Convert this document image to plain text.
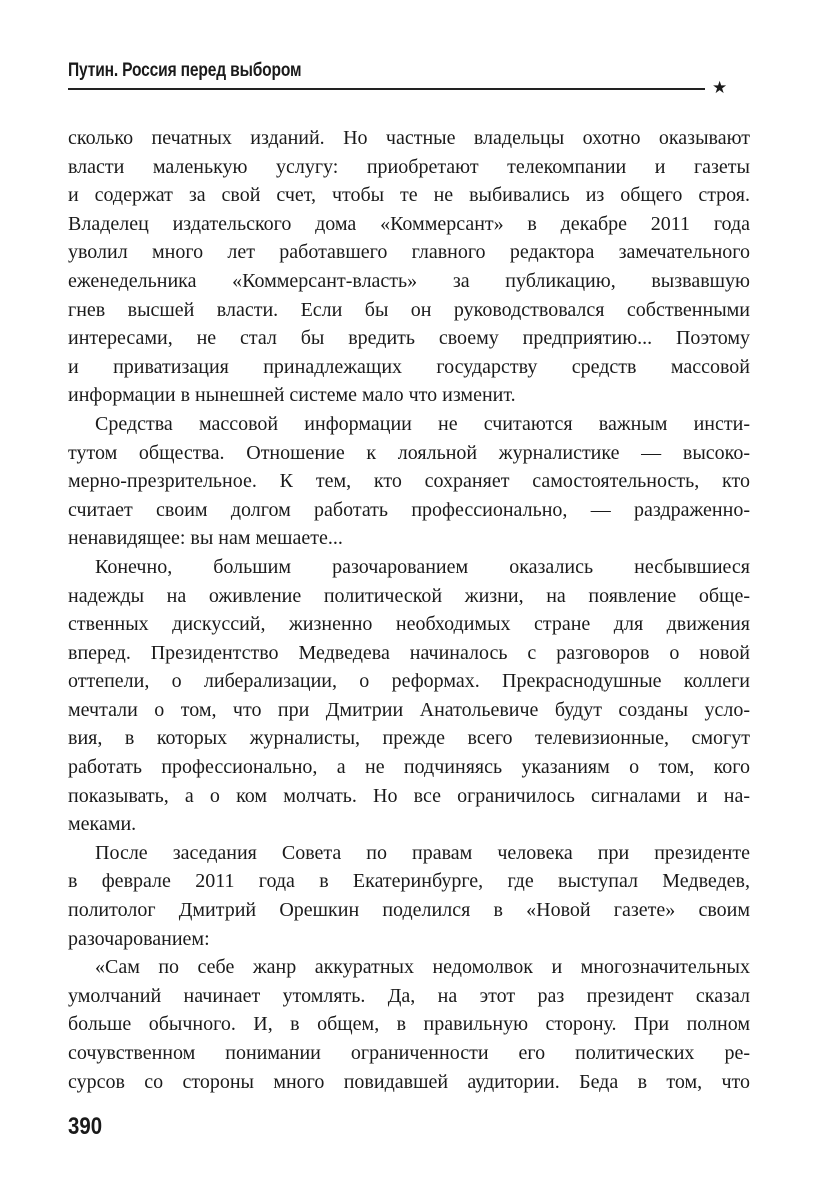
Путин. Россия перед выбором
★
сколько печатных изданий. Но частные владельцы охотно оказывают
власти маленькую услугу: приобретают телекомпании и газеты
и содержат за свой счет, чтобы те не выбивались из общего строя.
Владелец издательского дома «Коммерсант» в декабре 2011 года
уволил много лет работавшего главного редактора замечательного
еженедельника «Коммерсант-власть» за публикацию, вызвавшую
гнев высшей власти. Если бы он руководствовался собственными
интересами, не стал бы вредить своему предприятию... Поэтому
и приватизация принадлежащих государству средств массовой
информации в нынешней системе мало что изменит.
Средства массовой информации не считаются важным инсти-
тутом общества. Отношение к лояльной журналистике — высоко-
мерно-презрительное. К тем, кто сохраняет самостоятельность, кто
считает своим долгом работать профессионально, — раздраженно-
ненавидящее: вы нам мешаете...
Конечно, большим разочарованием оказались несбывшиеся
надежды на оживление политической жизни, на появление обще-
ственных дискуссий, жизненно необходимых стране для движения
вперед. Президентство Медведева начиналось с разговоров о новой
оттепели, о либерализации, о реформах. Прекраснодушные коллеги
мечтали о том, что при Дмитрии Анатольевиче будут созданы усло-
вия, в которых журналисты, прежде всего телевизионные, смогут
работать профессионально, а не подчиняясь указаниям о том, кого
показывать, а о ком молчать. Но все ограничилось сигналами и на-
меками.
После заседания Совета по правам человека при президенте
в феврале 2011 года в Екатеринбурге, где выступал Медведев,
политолог Дмитрий Орешкин поделился в «Новой газете» своим
разочарованием:
«Сам по себе жанр аккуратных недомолвок и многозначительных
умолчаний начинает утомлять. Да, на этот раз президент сказал
больше обычного. И, в общем, в правильную сторону. При полном
сочувственном понимании ограниченности его политических ре-
сурсов со стороны много повидавшей аудитории. Беда в том, что
390
